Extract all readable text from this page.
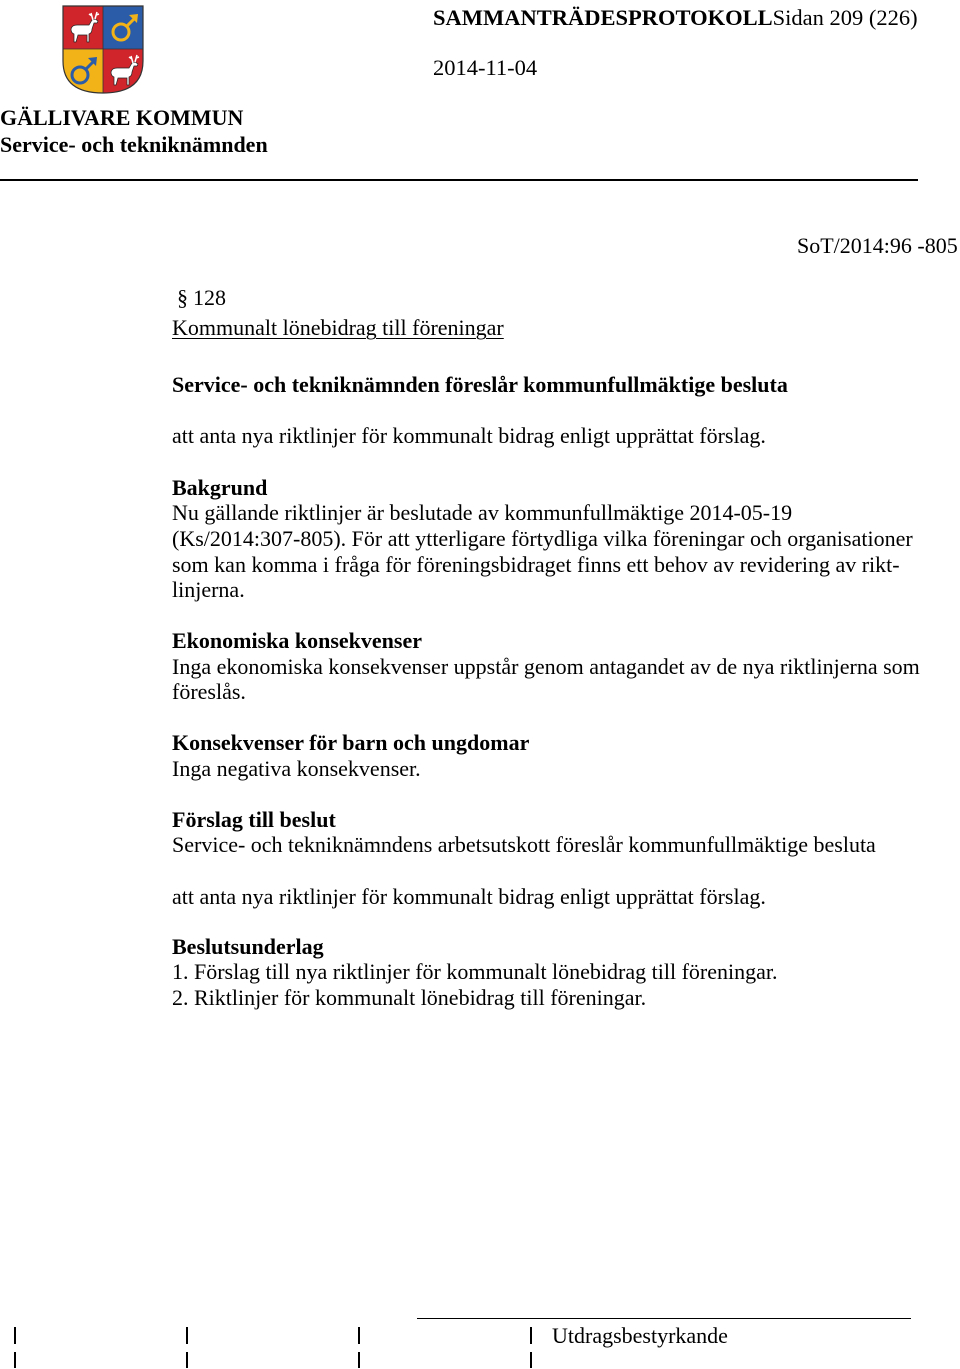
SAMMANTRÄDESPROTOKOLLSidan 209 (226)
2014-11-04
GÄLLIVARE KOMMUN
Service- och tekniknämnden
SoT/2014:96 -805
§ 128
Kommunalt lönebidrag till föreningar
Service- och tekniknämnden föreslår kommunfullmäktige besluta
att anta nya riktlinjer för kommunalt bidrag enligt upprättat förslag.
Bakgrund
Nu gällande riktlinjer är beslutade av kommunfullmäktige 2014-05-19
(Ks/2014:307-805). För att ytterligare förtydliga vilka föreningar och organisationer
som kan komma i fråga för föreningsbidraget finns ett behov av revidering av rikt-
linjerna.
Ekonomiska konsekvenser
Inga ekonomiska konsekvenser uppstår genom antagandet av de nya riktlinjerna som
föreslås.
Konsekvenser för barn och ungdomar
Inga negativa konsekvenser.
Förslag till beslut
Service- och tekniknämndens arbetsutskott föreslår kommunfullmäktige besluta
att anta nya riktlinjer för kommunalt bidrag enligt upprättat förslag.
Beslutsunderlag
1. Förslag till nya riktlinjer för kommunalt lönebidrag till föreningar.
2. Riktlinjer för kommunalt lönebidrag till föreningar.
Utdragsbestyrkande
